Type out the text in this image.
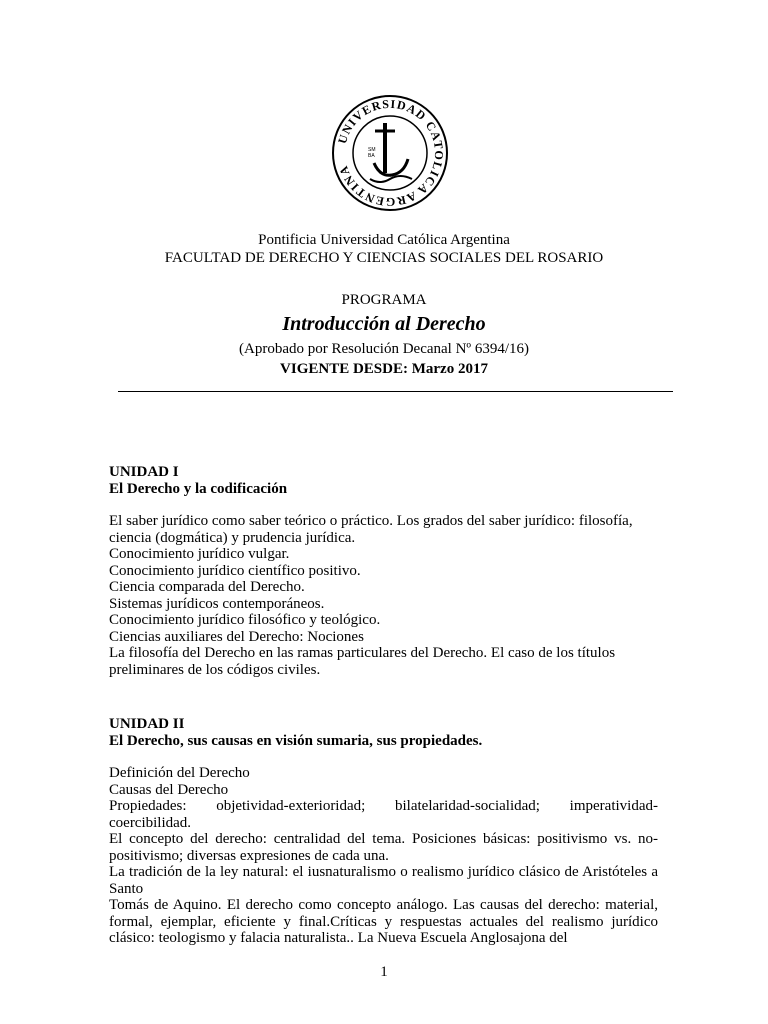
UNIVERSIDAD CATOLICA ARGENTINA
SM
BA
Pontificia Universidad Católica Argentina
FACULTAD DE DERECHO Y CIENCIAS SOCIALES DEL ROSARIO
PROGRAMA
Introducción al Derecho
(Aprobado por Resolución Decanal Nº 6394/16)
VIGENTE DESDE: Marzo 2017

UNIDAD I

El Derecho y la codificación

El saber jurídico como saber teórico o práctico. Los grados del saber jurídico: filosofía,

ciencia (dogmática) y prudencia jurídica.

Conocimiento jurídico vulgar.

Conocimiento jurídico científico positivo.

Ciencia comparada del Derecho.

Sistemas jurídicos contemporáneos.

Conocimiento jurídico filosófico y teológico.

Ciencias auxiliares del Derecho: Nociones

La filosofía del Derecho en las ramas particulares del Derecho. El caso de los títulos

preliminares de los códigos civiles.

UNIDAD II

El Derecho, sus causas en visión sumaria, sus propiedades.

Definición del Derecho

Causas del Derecho

Propiedades: objetividad-exterioridad; bilatelaridad-socialidad; imperatividad-

coercibilidad.
El concepto del derecho: centralidad del tema. Posiciones básicas: positivismo vs. no-positivismo; diversas expresiones de cada una.
La tradición de la ley natural: el iusnaturalismo o realismo jurídico clásico de Aristóteles a Santo

Tomás de Aquino. El derecho como concepto análogo. Las causas del derecho: material, formal, ejemplar, eficiente y final.Críticas y respuestas actuales del realismo jurídico clásico: teologismo y falacia naturalista.. La Nueva Escuela Anglosajona del

1
